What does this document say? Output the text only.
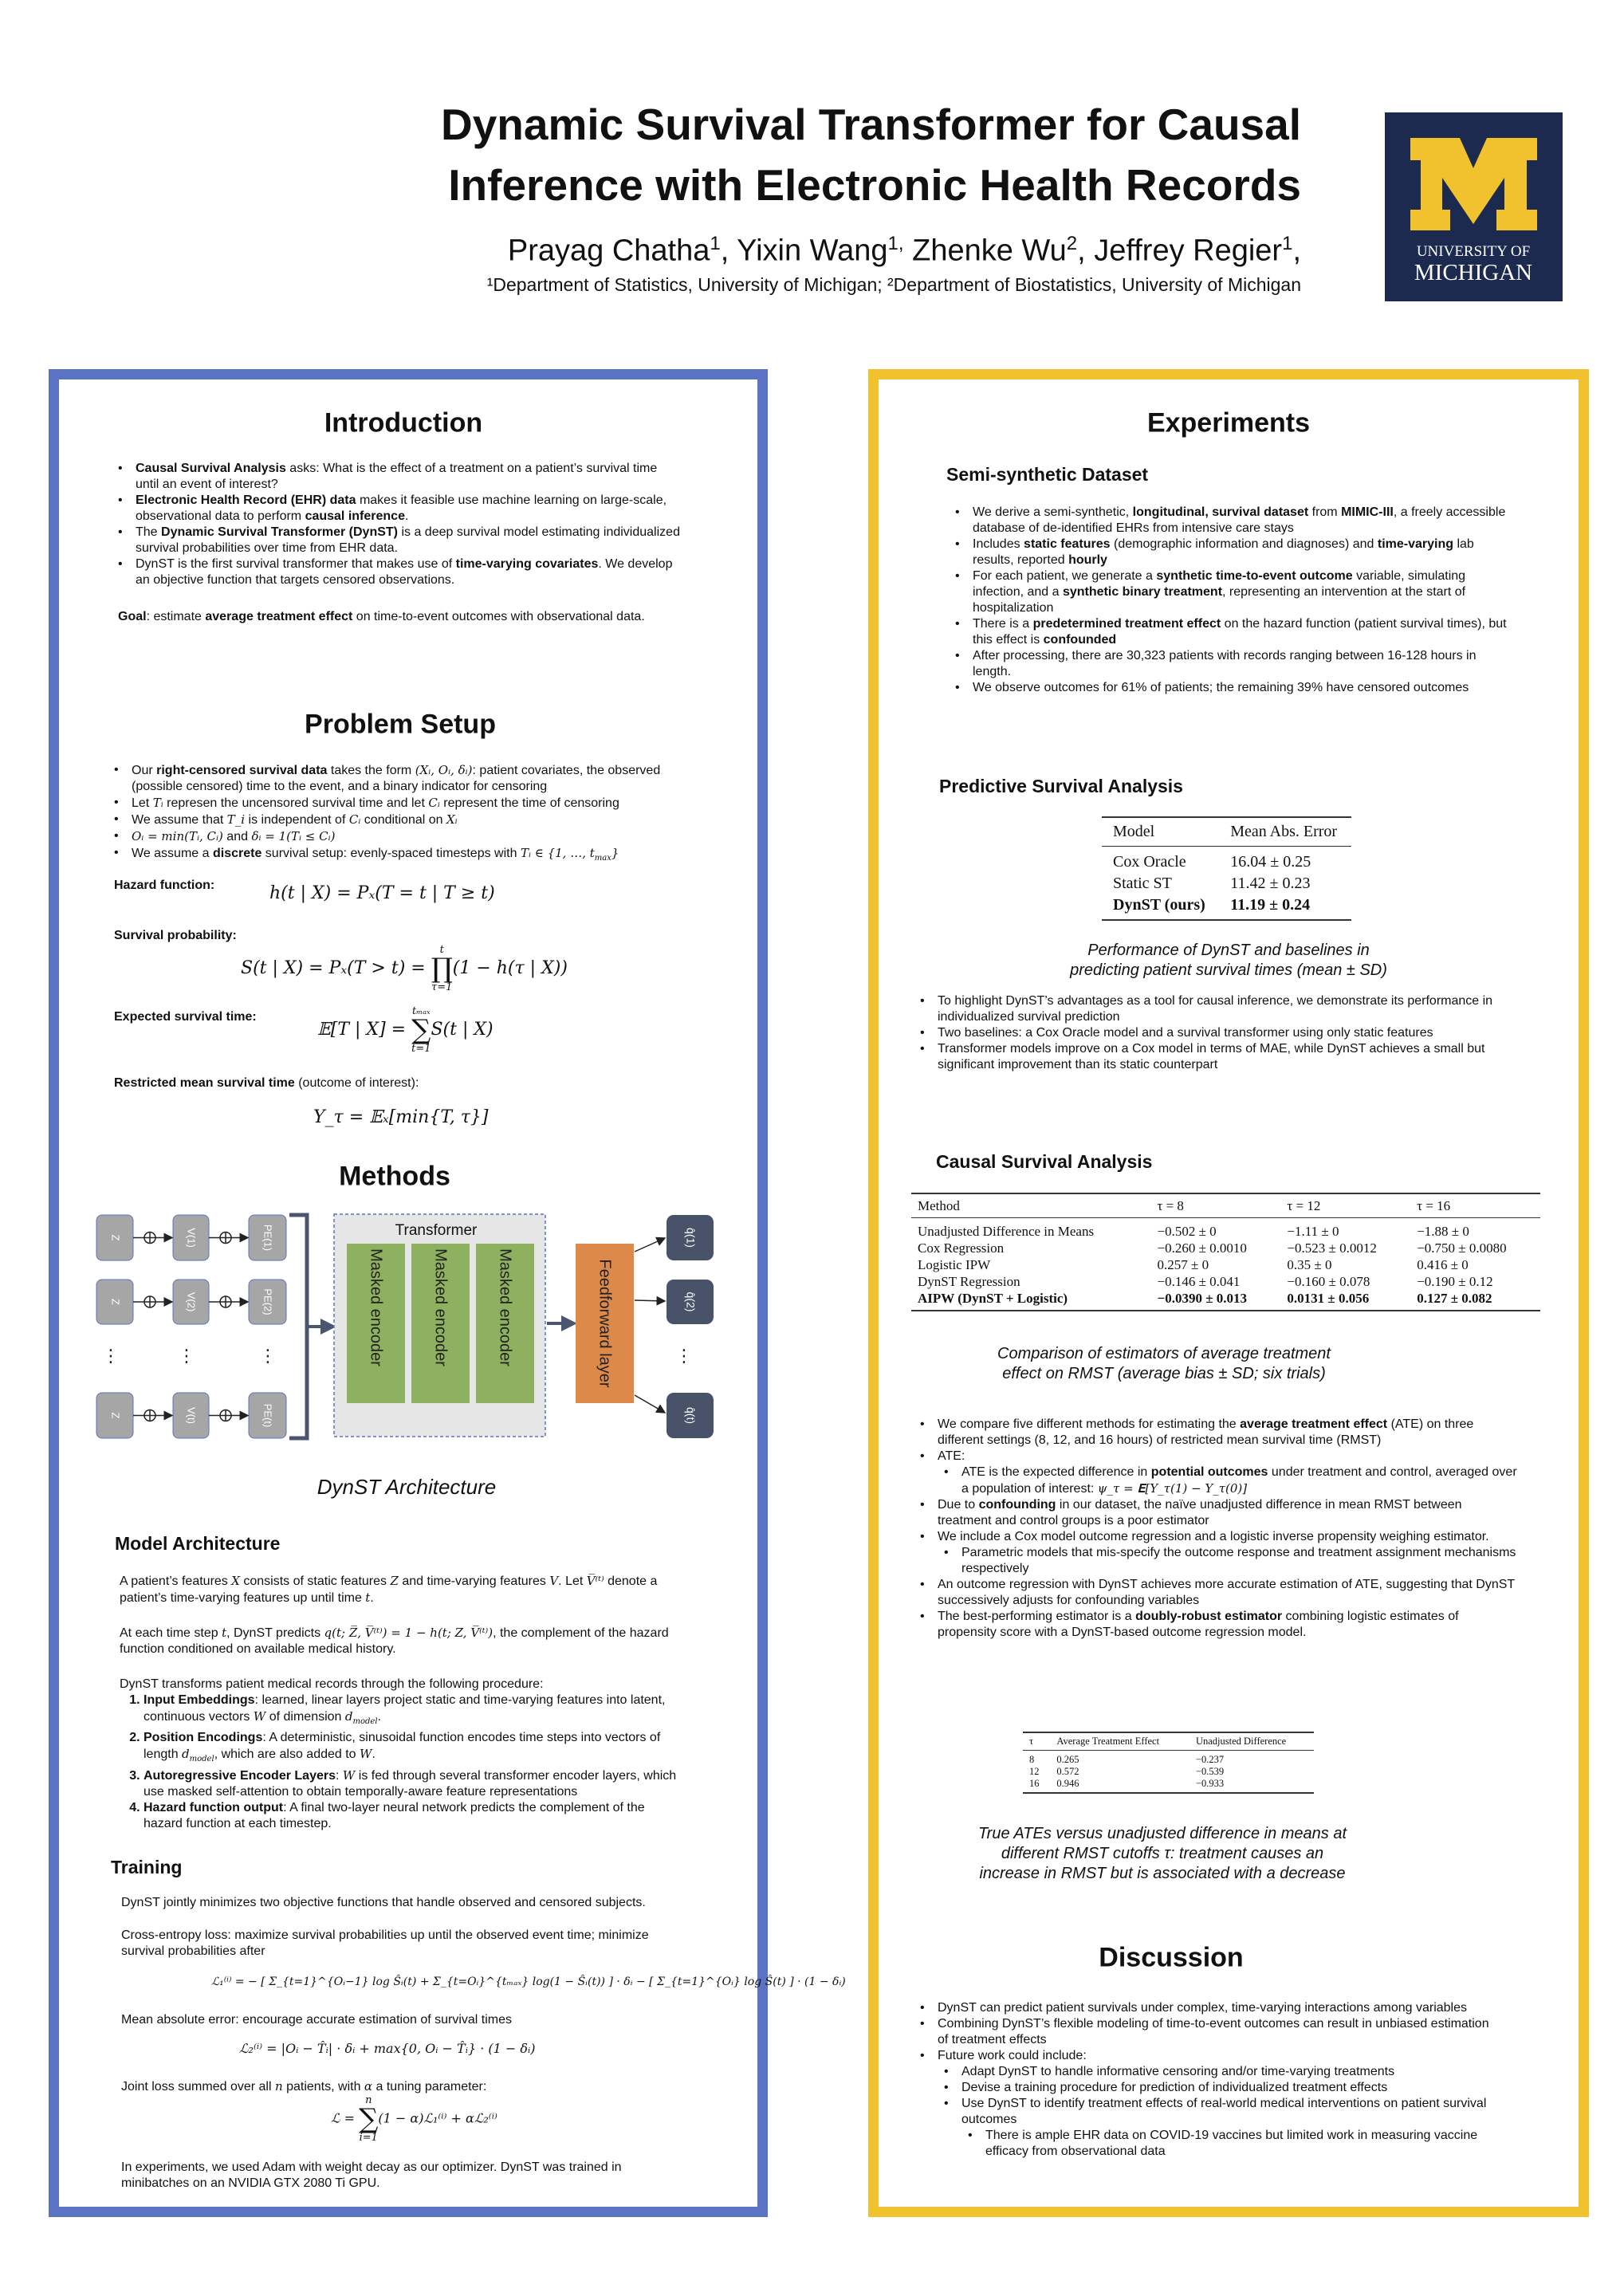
Dynamic Survival Transformer for Causal
Inference with Electronic Health Records
Prayag Chatha$^1$, Yixin Wang$^{1,}$ Zhenke Wu$^2$, Jeffrey Regier$^1$,
¹Department of Statistics, University of Michigan; ²Department of Biostatistics, University of Michigan
UNIVERSITY OF
MICHIGAN
Introduction
• Causal Survival Analysis asks: What is the effect of a treatment on a patient’s survival time until an event of interest?
• Electronic Health Record (EHR) data makes it feasible use machine learning on large-scale, observational data to perform causal inference.
• The Dynamic Survival Transformer (DynST) is a deep survival model estimating individualized survival probabilities over time from EHR data.
• DynST is the first survival transformer that makes use of time-varying covariates. We develop an objective function that targets censored observations.

Goal: estimate average treatment effect on time-to-event outcomes with observational data.

Problem Setup
• Our right-censored survival data takes the form (Xᵢ, Oᵢ, δᵢ): patient covariates, the observed (possible censored) time to the event, and a binary indicator for censoring
• Let Tᵢ represen the uncensored survival time and let Cᵢ represent the time of censoring
• We assume that T_i is independent of Cᵢ conditional on Xᵢ
• Oᵢ = min(Tᵢ, Cᵢ) and δᵢ = 1(Tᵢ ≤ Cᵢ)
• We assume a discrete survival setup: evenly-spaced timesteps with Tᵢ ∈ {1, …, $t_{max}$}
Hazard function:	h(t | X) = Pₓ(T = t | T ≥ t)
Survival probability:
S(t | X) = Pₓ(T > t) =
t
∏
τ=1
(1 − h(τ | X))
Expected survival time:
𝔼[T | X] =
tₘₐₓ
∑
t=1
S(t | X)

Restricted mean survival time (outcome of interest):

Y_τ = 𝔼ₓ[min{T, τ}]
Methods
Z	V(1)	PE(1)	q̂(1)
Z	V(2)	PE(2)	q̂(2)
Z	V(t)	PE(t)	q̂(t)
⋮	⋮	⋮	⋮
Transformer
Masked encoder	Masked encoder	Masked encoder	Feedforward layer
DynST Architecture
Model Architecture

A patient’s features X consists of static features Z and time-varying features V. Let V̅⁽ᵗ⁾ denote a patient’s time-varying features up until time t.

At each time step t, DynST predicts q(t; Z̅, V̅⁽ᵗ⁾) = 1 − h(t; Z, V̅⁽ᵗ⁾), the complement of the hazard function conditioned on available medical history.

DynST transforms patient medical records through the following procedure:

1. Input Embeddings: learned, linear layers project static and time-varying features into latent, continuous vectors W of dimension $d_{model}$.
2. Position Encodings: A deterministic, sinusoidal function encodes time steps into vectors of length $d_{model}$, which are also added to W.
3. Autoregressive Encoder Layers: W is fed through several transformer encoder layers, which use masked self-attention to obtain temporally-aware feature representations
4. Hazard function output: A final two-layer neural network predicts the complement of the hazard function at each timestep.
Training

DynST jointly minimizes two objective functions that handle observed and censored subjects.

Cross-entropy loss: maximize survival probabilities up until the observed event time; minimize survival probabilities after

ℒ₁⁽ⁱ⁾ = − [ Σ_{t=1}^{Oᵢ−1} log Ŝᵢ(t) + Σ_{t=Oᵢ}^{tₘₐₓ} log(1 − Ŝᵢ(t)) ] · δᵢ − [ Σ_{t=1}^{Oᵢ} log Ŝ(t) ] · (1 − δᵢ)

Mean absolute error: encourage accurate estimation of survival times

ℒ₂⁽ⁱ⁾ = |Oᵢ − T̂ᵢ| · δᵢ + max{0, Oᵢ − T̂ᵢ} · (1 − δᵢ)

Joint loss summed over all n patients, with α a tuning parameter:

ℒ =
n
∑
i=1
(1 − α)ℒ₁⁽ⁱ⁾ + αℒ₂⁽ⁱ⁾

In experiments, we used Adam with weight decay as our optimizer. DynST was trained in minibatches on an NVIDIA GTX 2080 Ti GPU.

Experiments
Semi-synthetic Dataset
• We derive a semi-synthetic, longitudinal, survival dataset from MIMIC-III, a freely accessible database of de-identified EHRs from intensive care stays
• Includes static features (demographic information and diagnoses) and time-varying lab results, reported hourly
• For each patient, we generate a synthetic time-to-event outcome variable, simulating infection, and a synthetic binary treatment, representing an intervention at the start of hospitalization
• There is a predetermined treatment effect on the hazard function (patient survival times), but this effect is confounded
• After processing, there are 30,323 patients with records ranging between 16-128 hours in length.
• We observe outcomes for 61% of patients; the remaining 39% have censored outcomes
Predictive Survival Analysis
Model	Mean Abs. Error
Cox Oracle	16.04 ± 0.25
Static ST	11.42 ± 0.23
DynST (ours)	11.19 ± 0.24
Performance of DynST and baselines in
predicting patient survival times (mean ± SD)
• To highlight DynST’s advantages as a tool for causal inference, we demonstrate its performance in individualized survival prediction
• Two baselines: a Cox Oracle model and a survival transformer using only static features
• Transformer models improve on a Cox model in terms of MAE, while DynST achieves a small but significant improvement than its static counterpart
Causal Survival Analysis
Method	τ = 8	τ = 12	τ = 16
Unadjusted Difference in Means	−0.502 ± 0	−1.11 ± 0	−1.88 ± 0
Cox Regression	−0.260 ± 0.0010	−0.523 ± 0.0012	−0.750 ± 0.0080
Logistic IPW	0.257 ± 0	0.35 ± 0	0.416 ± 0
DynST Regression	−0.146 ± 0.041	−0.160 ± 0.078	−0.190 ± 0.12
AIPW (DynST + Logistic)	−0.0390 ± 0.013	0.0131 ± 0.056	0.127 ± 0.082
Comparison of estimators of average treatment
effect on RMST (average bias ± SD; six trials)
• We compare five different methods for estimating the average treatment effect (ATE) on three different settings (8, 12, and 16 hours) of restricted mean survival time (RMST)
• ATE:
• ATE is the expected difference in potential outcomes under treatment and control, averaged over a population of interest: ψ_τ = 𝐄[Y_τ(1) − Y_τ(0)]
• Due to confounding in our dataset, the naïve unadjusted difference in mean RMST between treatment and control groups is a poor estimator
• We include a Cox model outcome regression and a logistic inverse propensity weighing estimator.
• Parametric models that mis-specify the outcome response and treatment assignment mechanisms respectively
• An outcome regression with DynST achieves more accurate estimation of ATE, suggesting that DynST successively adjusts for confounding variables
• The best-performing estimator is a doubly-robust estimator combining logistic estimates of propensity score with a DynST-based outcome regression model.
τ	Average Treatment Effect	Unadjusted Difference
8	0.265	−0.237
12	0.572	−0.539
16	0.946	−0.933
True ATEs versus unadjusted difference in means at
different RMST cutoffs τ: treatment causes an
increase in RMST but is associated with a decrease
Discussion
• DynST can predict patient survivals under complex, time-varying interactions among variables
• Combining DynST’s flexible modeling of time-to-event outcomes can result in unbiased estimation of treatment effects
• Future work could include:
• Adapt DynST to handle informative censoring and/or time-varying treatments
• Devise a training procedure for prediction of individualized treatment effects
• Use DynST to identify treatment effects of real-world medical interventions on patient survival outcomes
• There is ample EHR data on COVID-19 vaccines but limited work in measuring vaccine efficacy from observational data
